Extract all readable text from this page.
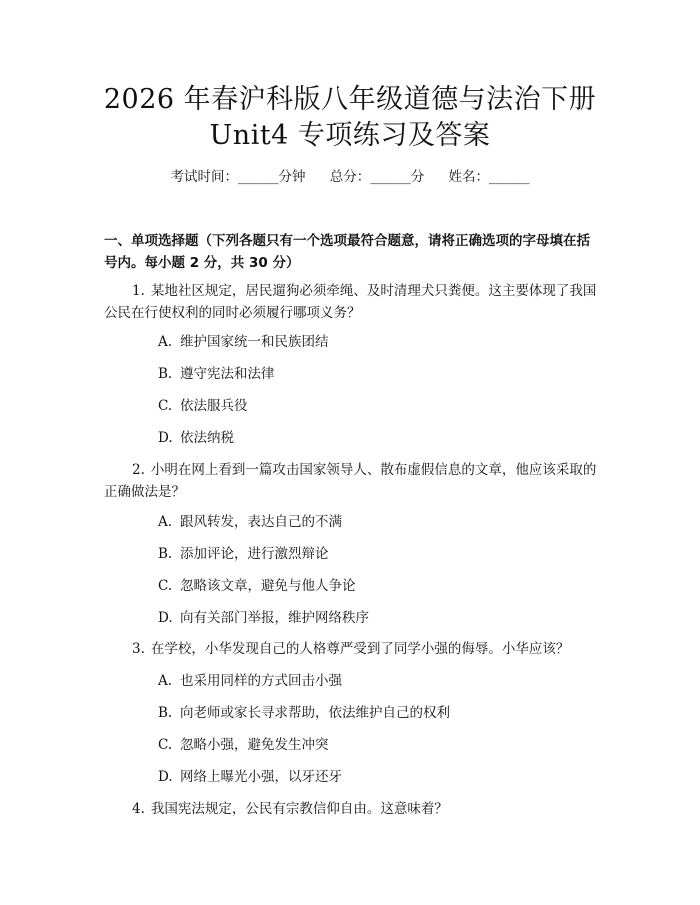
2026 年春沪科版八年级道德与法治下册
Unit4 专项练习及答案
考试时间：______分钟 总分：______分 姓名：______
一、单项选择题（下列各题只有一个选项最符合题意，请将正确选项的字母填在括号内。每小题 2 分，共 30 分）
1. 某地社区规定，居民遛狗必须牵绳、及时清理犬只粪便。这主要体现了我国公民在行使权利的同时必须履行哪项义务？
A. 维护国家统一和民族团结
B. 遵守宪法和法律
C. 依法服兵役
D. 依法纳税
2. 小明在网上看到一篇攻击国家领导人、散布虚假信息的文章，他应该采取的正确做法是？
A. 跟风转发，表达自己的不满
B. 添加评论，进行激烈辩论
C. 忽略该文章，避免与他人争论
D. 向有关部门举报，维护网络秩序
3. 在学校，小华发现自己的人格尊严受到了同学小强的侮辱。小华应该？
A. 也采用同样的方式回击小强
B. 向老师或家长寻求帮助，依法维护自己的权利
C. 忽略小强，避免发生冲突
D. 网络上曝光小强，以牙还牙
4. 我国宪法规定，公民有宗教信仰自由。这意味着？
